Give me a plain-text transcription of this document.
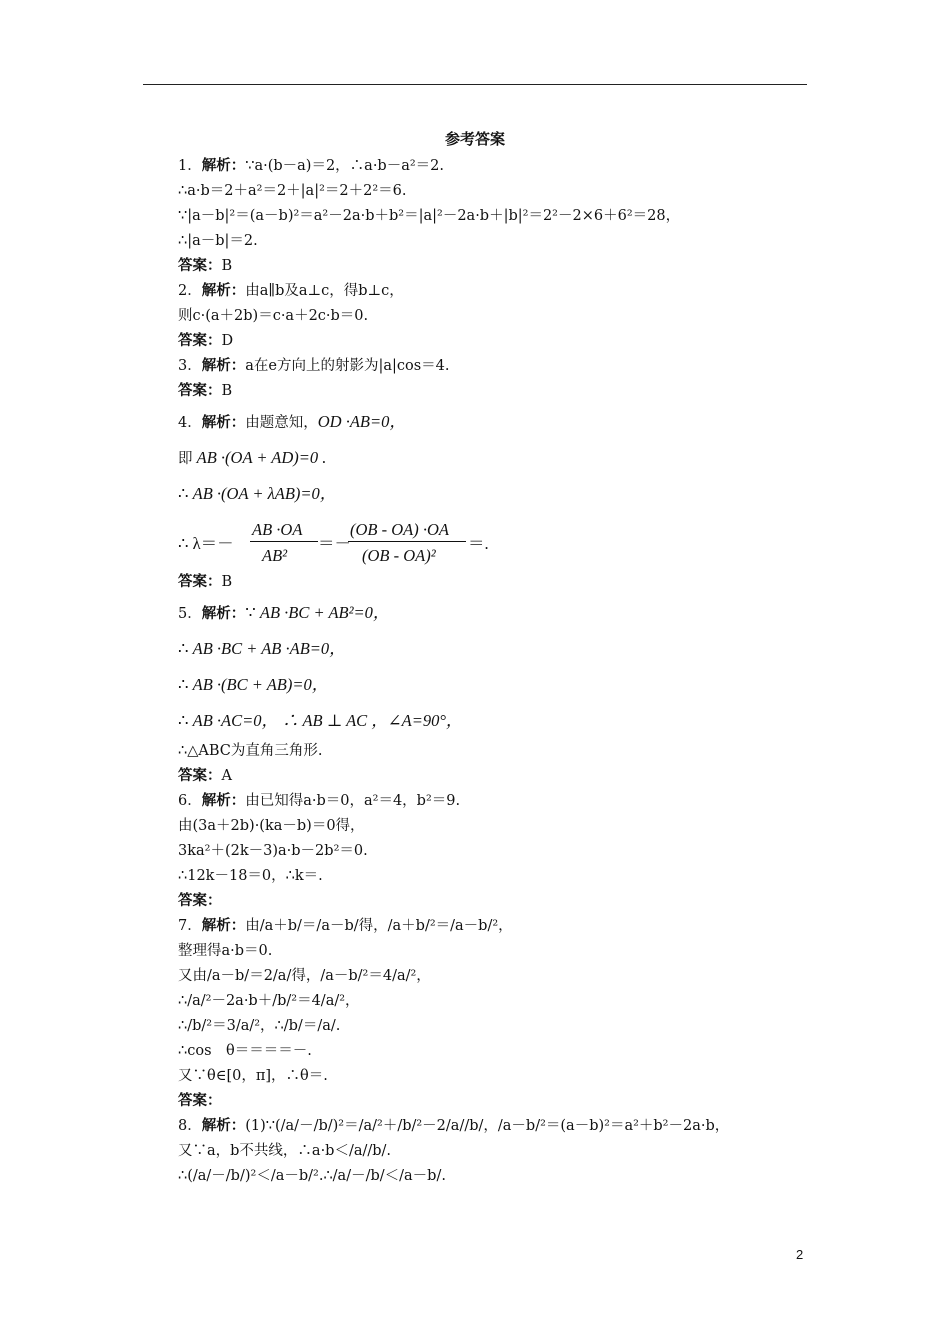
参考答案
1．解析：∵a·(b－a)＝2，∴a·b－a²＝2.
∴a·b＝2＋a²＝2＋|a|²＝2＋2²＝6.
∵|a－b|²＝(a－b)²＝a²－2a·b＋b²＝|a|²－2a·b＋|b|²＝2²－2×6＋6²＝28，
∴|a－b|＝2.
答案：B
2．解析：由a∥b及a⊥c，得b⊥c，
则c·(a＋2b)＝c·a＋2c·b＝0.
答案：D
3．解析：a在e方向上的射影为|a|cos＝4.
答案：B
4．解析：由题意知，OD ·AB=0，
即 AB ·(OA + AD)=0 .
∴ AB ·(OA + λAB)=0，
∴ λ＝－
AB ·OA
AB²
＝－
(OB - OA) ·OA
(OB - OA)²
＝.
答案：B
5．解析：∵ AB ·BC + AB²=0，
∴ AB ·BC + AB ·AB=0，
∴ AB ·(BC + AB)=0，
∴ AB ·AC=0， ∴ AB ⊥ AC ，∠A=90°，
∴△ABC为直角三角形.
答案：A
6．解析：由已知得a·b＝0，a²＝4，b²＝9.
由(3a＋2b)·(ka－b)＝0得，
3ka²＋(2k－3)a·b－2b²＝0.
∴12k－18＝0，∴k＝.
答案：
7．解析：由/a＋b/＝/a－b/得，/a＋b/²＝/a－b/²，
整理得a·b＝0.
又由/a－b/＝2/a/得，/a－b/²＝4/a/²，
∴/a/²－2a·b＋/b/²＝4/a/²，
∴/b/²＝3/a/²，∴/b/＝/a/.
∴cos　θ＝＝＝＝－.
又∵θ∈[0，π]，∴θ＝.
答案：
8．解析：(1)∵(/a/－/b/)²＝/a/²＋/b/²－2/a//b/，/a－b/²＝(a－b)²＝a²＋b²－2a·b，
又∵a，b不共线，∴a·b＜/a//b/.
∴(/a/－/b/)²＜/a－b/².∴/a/－/b/＜/a－b/.
2
